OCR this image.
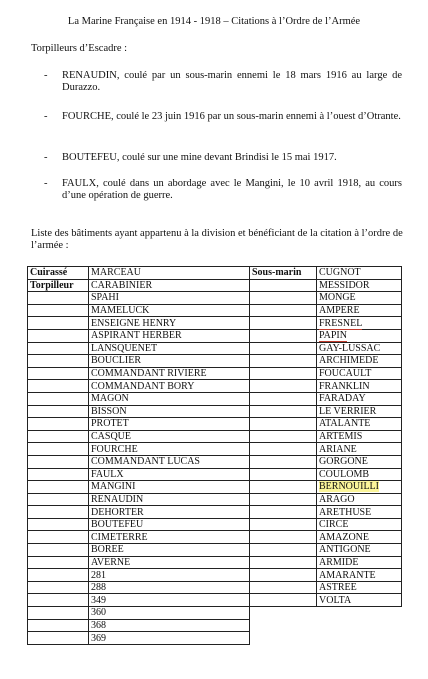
La Marine Française en 1914 - 1918 – Citations à l’Ordre de l’Armée
Torpilleurs d’Escadre :
- RENAUDIN, coulé par un sous-marin ennemi le 18 mars 1916 au large de Durazzo.
- FOURCHE, coulé le 23 juin 1916 par un sous-marin ennemi à l’ouest d’Otrante.
- BOUTEFEU, coulé sur une mine devant Brindisi le 15 mai 1917.
- FAULX, coulé dans un abordage avec le Mangini, le 10 avril 1918, au cours d’une opération de guerre.
Liste des bâtiments ayant appartenu à la division et bénéficiant de la citation à l’ordre de l’armée :
Cuirassé	MARCEAU	Sous-marin	CUGNOT
Torpilleur	CARABINIER		MESSIDOR
	SPAHI		MONGE
	MAMELUCK		AMPERE
	ENSEIGNE HENRY		FRESNEL
	ASPIRANT HERBER		PAPIN
	LANSQUENET		GAY-LUSSAC
	BOUCLIER		ARCHIMEDE
	COMMANDANT RIVIERE		FOUCAULT
	COMMANDANT BORY		FRANKLIN
	MAGON		FARADAY
	BISSON		LE VERRIER
	PROTET		ATALANTE
	CASQUE		ARTEMIS
	FOURCHE		ARIANE
	COMMANDANT LUCAS		GORGONE
	FAULX		COULOMB
	MANGINI		BERNOUILLI
	RENAUDIN		ARAGO
	DEHORTER		ARETHUSE
	BOUTEFEU		CIRCE
	CIMETERRE		AMAZONE
	BOREE		ANTIGONE
	AVERNE		ARMIDE
	281		AMARANTE
	288		ASTREE
	349		VOLTA
	360		
	368		
	369		
